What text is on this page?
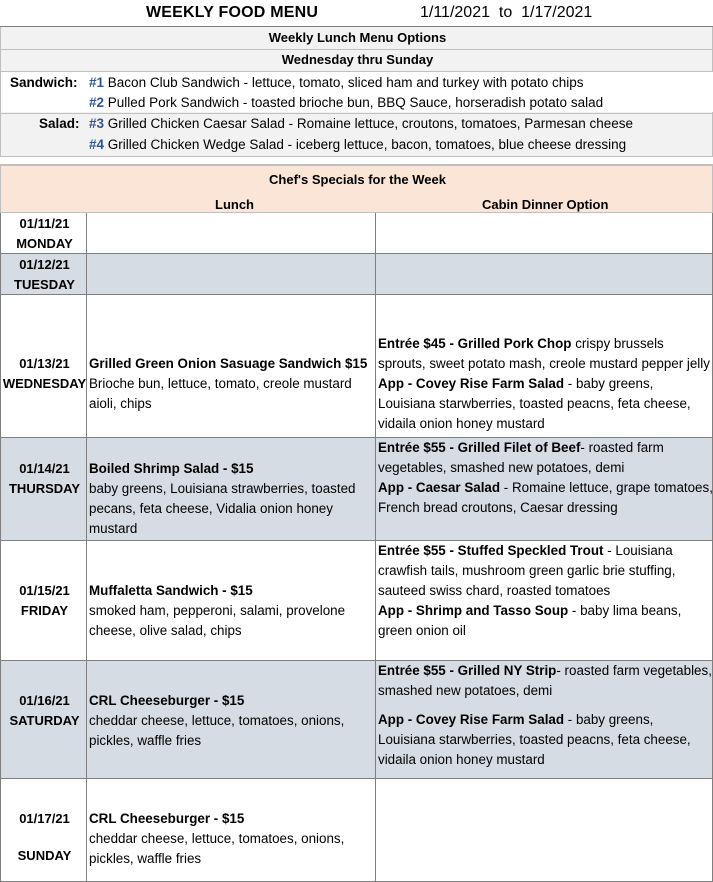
WEEKLY FOOD MENU	1/11/2021 to 1/17/2021
Weekly Lunch Menu Options
Wednesday thru Sunday
Sandwich: #1 Bacon Club Sandwich - lettuce, tomato, sliced ham and turkey with potato chips
#2 Pulled Pork Sandwich - toasted brioche bun, BBQ Sauce, horseradish potato salad
Salad: #3 Grilled Chicken Caesar Salad - Romaine lettuce, croutons, tomatoes, Parmesan cheese
#4 Grilled Chicken Wedge Salad - iceberg lettuce, bacon, tomatoes, blue cheese dressing
Chef's Specials for the Week
Lunch	Cabin Dinner Option
01/11/21
MONDAY
01/12/21
TUESDAY
01/13/21
WEDNESDAY

Grilled Green Onion Sasuage Sandwich $15

Brioche bun, lettuce, tomato, creole mustard aioli, chips

Entrée $45 - Grilled Pork Chop crispy brussels sprouts, sweet potato mash, creole mustard pepper jelly

App - Covey Rise Farm Salad - baby greens, Louisiana starwberries, toasted peacns, feta cheese, vidaila onion honey mustard

01/14/21
THURSDAY

Boiled Shrimp Salad - $15

baby greens, Louisiana strawberries, toasted pecans, feta cheese, Vidalia onion honey mustard

Entrée $55 - Grilled Filet of Beef- roasted farm vegetables, smashed new potatoes, demi

App - Caesar Salad - Romaine lettuce, grape tomatoes, French bread croutons, Caesar dressing

01/15/21
FRIDAY

Muffaletta Sandwich - $15

smoked ham, pepperoni, salami, provelone cheese, olive salad, chips

Entrée $55 - Stuffed Speckled Trout - Louisiana crawfish tails, mushroom green garlic brie stuffing, sauteed swiss chard, roasted tomatoes

App - Shrimp and Tasso Soup - baby lima beans, green onion oil

01/16/21
SATURDAY

CRL Cheeseburger - $15

cheddar cheese, lettuce, tomatoes, onions, pickles, waffle fries

Entrée $55 - Grilled NY Strip- roasted farm vegetables, smashed new potatoes, demi

App - Covey Rise Farm Salad - baby greens, Louisiana starwberries, toasted peacns, feta cheese, vidaila onion honey mustard

01/17/21
SUNDAY

CRL Cheeseburger - $15

cheddar cheese, lettuce, tomatoes, onions, pickles, waffle fries
